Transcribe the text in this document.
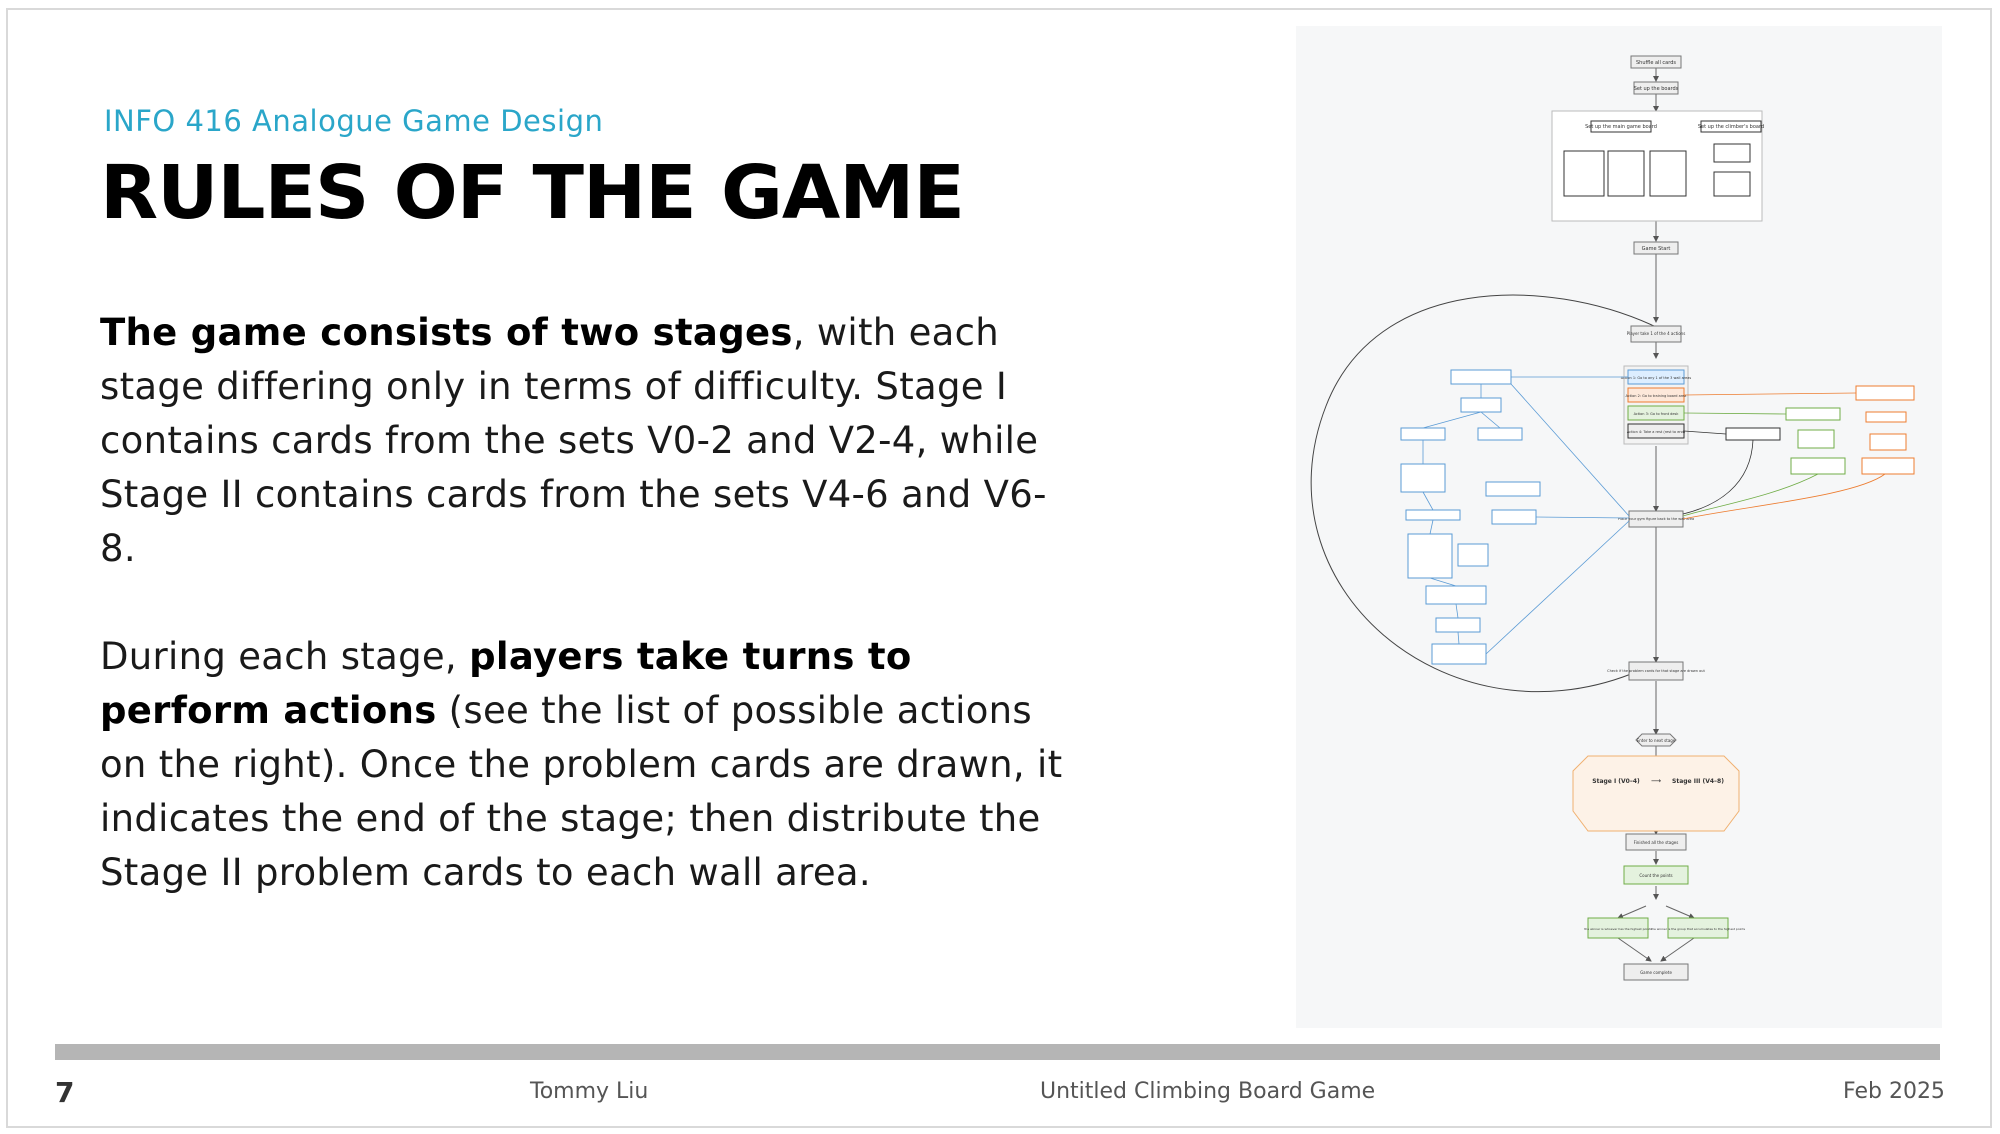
INFO 416 Analogue Game Design
RULES OF THE GAME

The game consists of two stages, with each stage differing only in terms of difficulty. Stage I contains cards from the sets V0-2 and V2-4, while Stage II contains cards from the sets V4-6 and V6-8.

During each stage, players take turns to perform actions (see the list of possible actions on the right). Once the problem cards are drawn, it indicates the end of the stage; then distribute the Stage II problem cards to each wall area.

Shuffle all cards
Set up the boards
Set up the main game board	Set up the climber's board
Game Start
Player take 1 of the 4 actions
Action 1: Go to any 1 of the 3 wall areas
Action 2: Go to training board area
Action 3: Go to front desk
Action 4: Take a rest (rest to end)
Place your gym figure back to the wall area
Check if the problem cards for that stage are drawn out
Enter to next stage
Stage I (V0–4) ⟶ Stage III (V4–8)
Finished all the stages
Count the points
the winner is whoever has the highest points the winner is the group that accumulates to the highest points
Game complete
7	Tommy Liu	Untitled Climbing Board Game	Feb 2025
